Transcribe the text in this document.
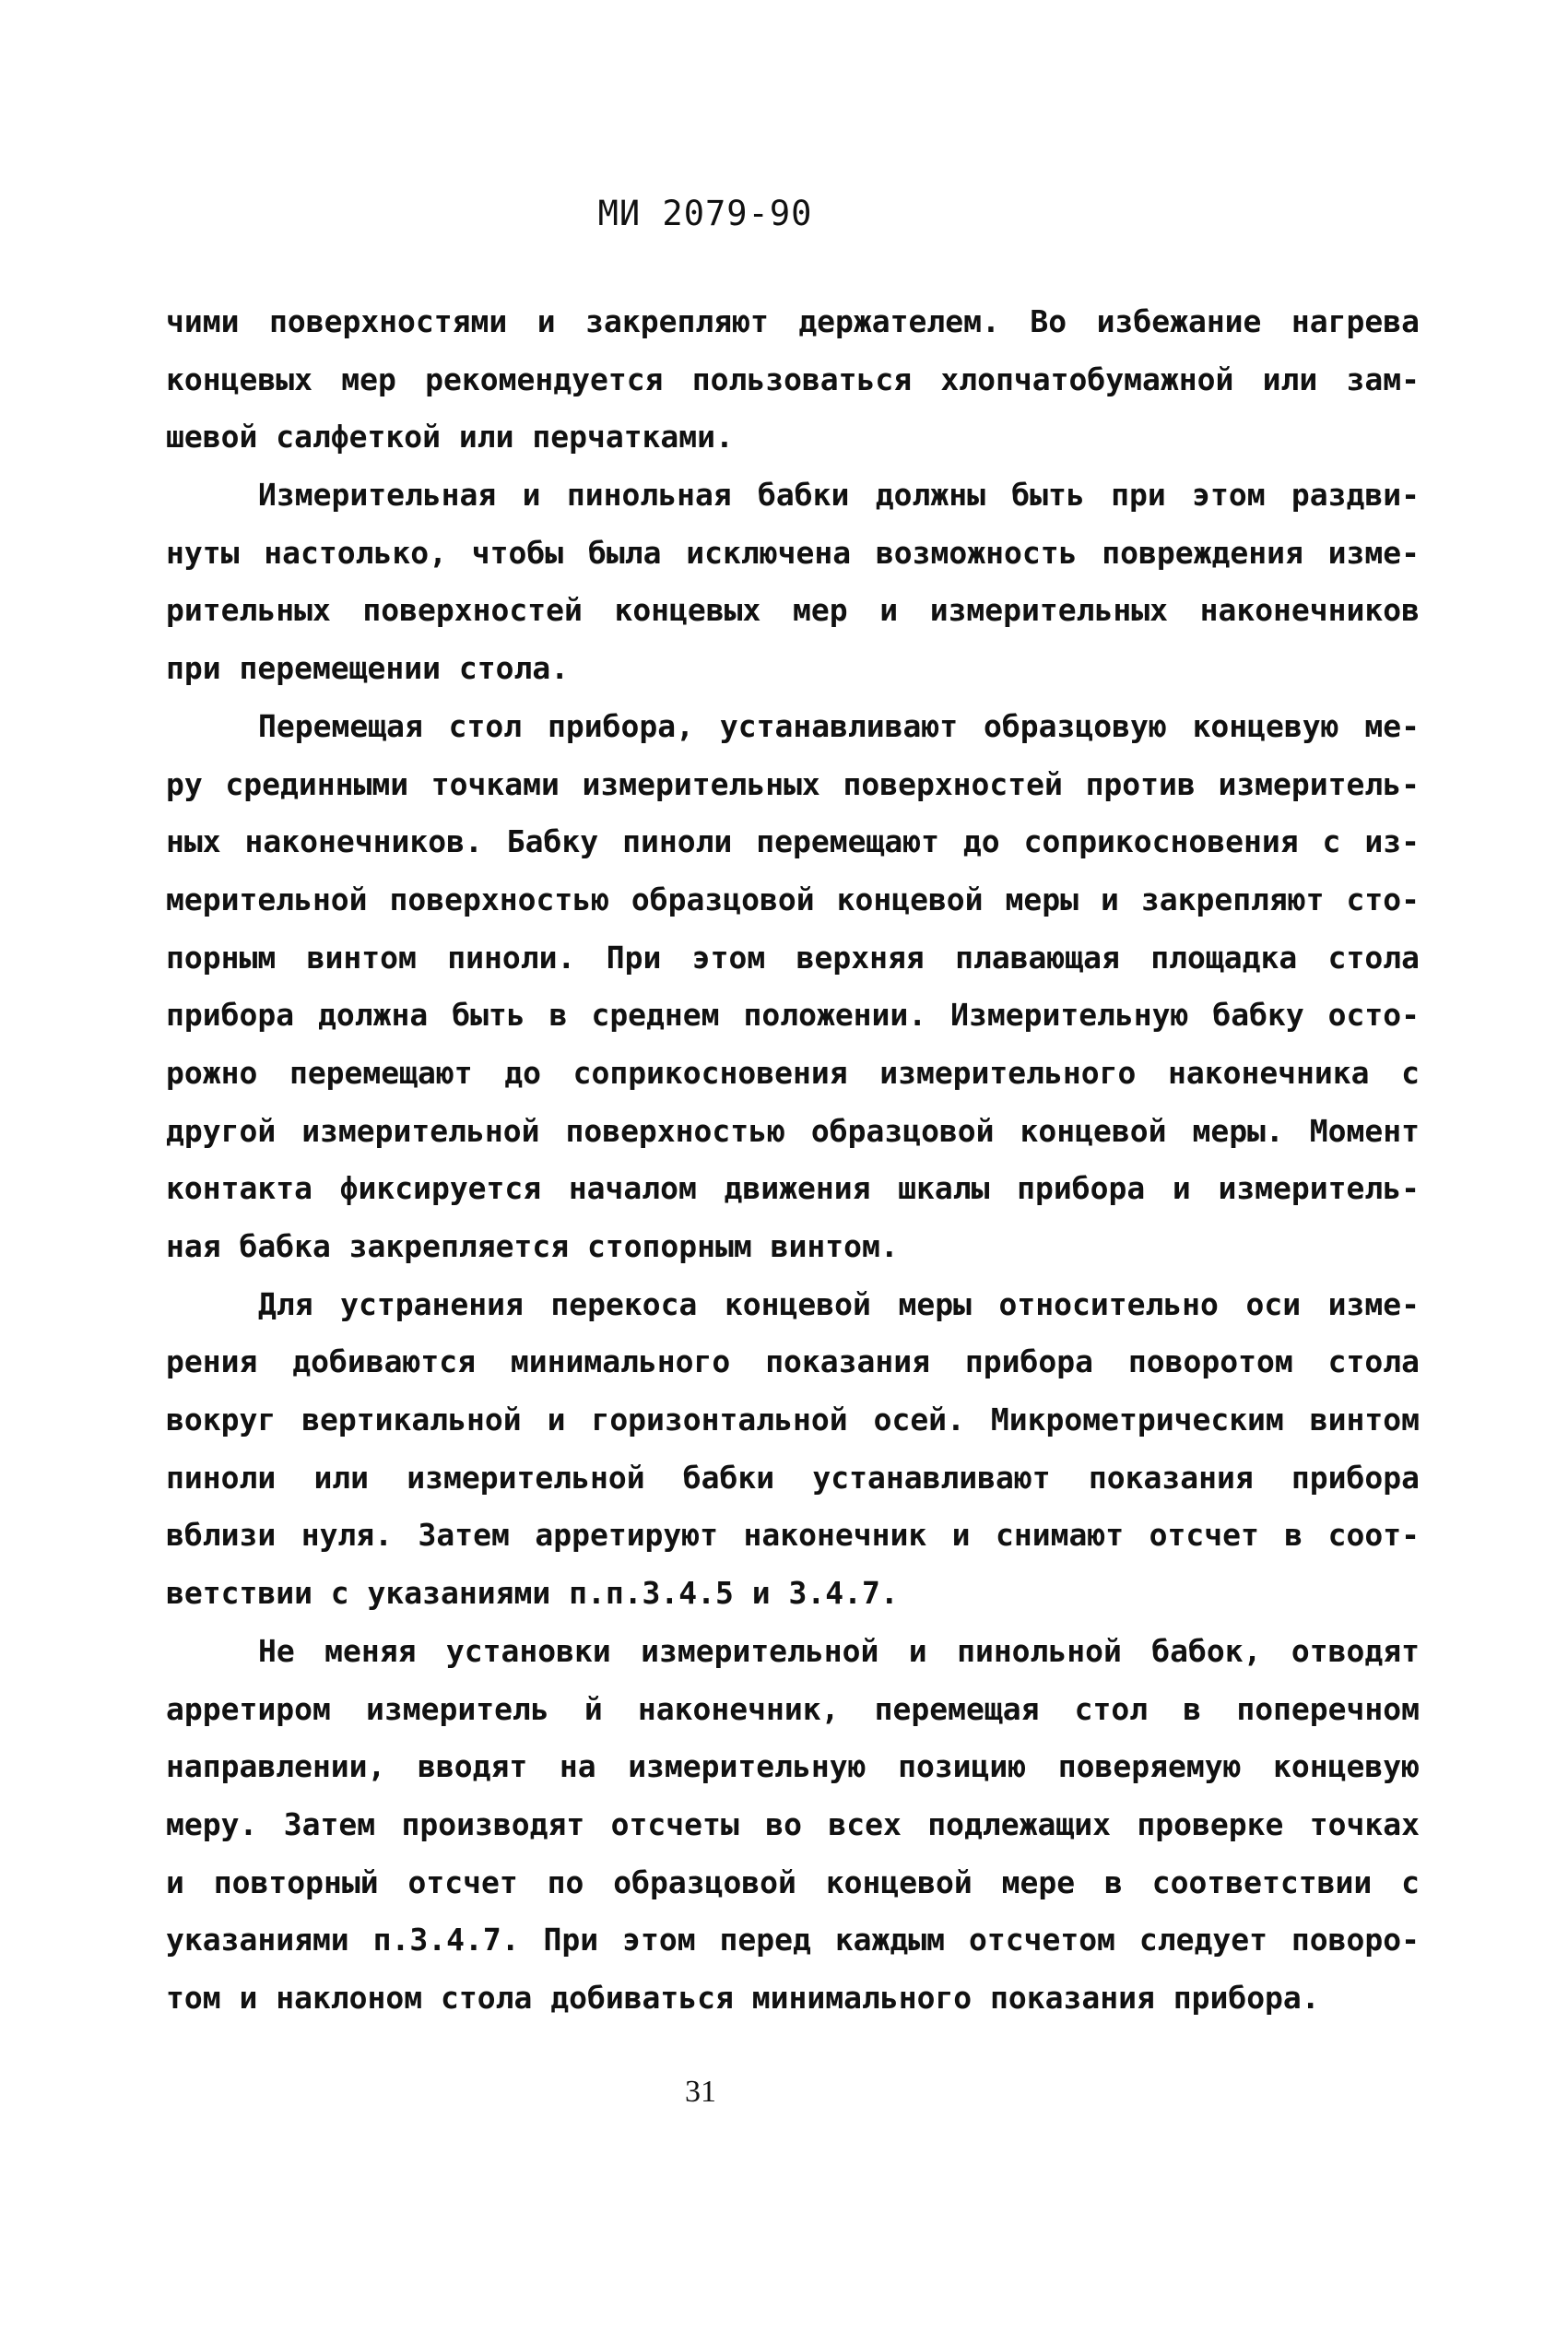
МИ 2079-90
чими поверхностями и закрепляют держателем. Во избежание нагрева
концевых мер рекомендуется пользоваться хлопчатобумажной или зам-
шевой салфеткой или перчатками.
Измерительная и пинольная бабки должны быть при этом раздви-
нуты настолько, чтобы была исключена возможность повреждения изме-
рительных поверхностей концевых мер и измерительных наконечников
при перемещении стола.
Перемещая стол прибора, устанавливают образцовую концевую ме-
ру срединными точками измерительных поверхностей против измеритель-
ных наконечников. Бабку пиноли перемещают до соприкосновения с из-
мерительной поверхностью образцовой концевой меры и закрепляют сто-
порным винтом пиноли. При этом верхняя плавающая площадка стола
прибора должна быть в среднем положении. Измерительную бабку осто-
рожно перемещают до соприкосновения измерительного наконечника с
другой измерительной поверхностью образцовой концевой меры. Момент
контакта фиксируется началом движения шкалы прибора и измеритель-
ная бабка закрепляется стопорным винтом.
Для устранения перекоса концевой меры относительно оси изме-
рения добиваются минимального показания прибора поворотом стола
вокруг вертикальной и горизонтальной осей. Микрометрическим винтом
пиноли или измерительной бабки устанавливают показания прибора
вблизи нуля. Затем арретируют наконечник и снимают отсчет в соот-
ветствии с указаниями п.п.3.4.5 и 3.4.7.
Не меняя установки измерительной и пинольной бабок, отводят
арретиром измеритель й наконечник, перемещая стол в поперечном
направлении, вводят на измерительную позицию поверяемую концевую
меру. Затем производят отсчеты во всех подлежащих проверке точках
и повторный отсчет по образцовой концевой мере в соответствии с
указаниями п.3.4.7. При этом перед каждым отсчетом следует поворо-
том и наклоном стола добиваться минимального показания прибора.
31
